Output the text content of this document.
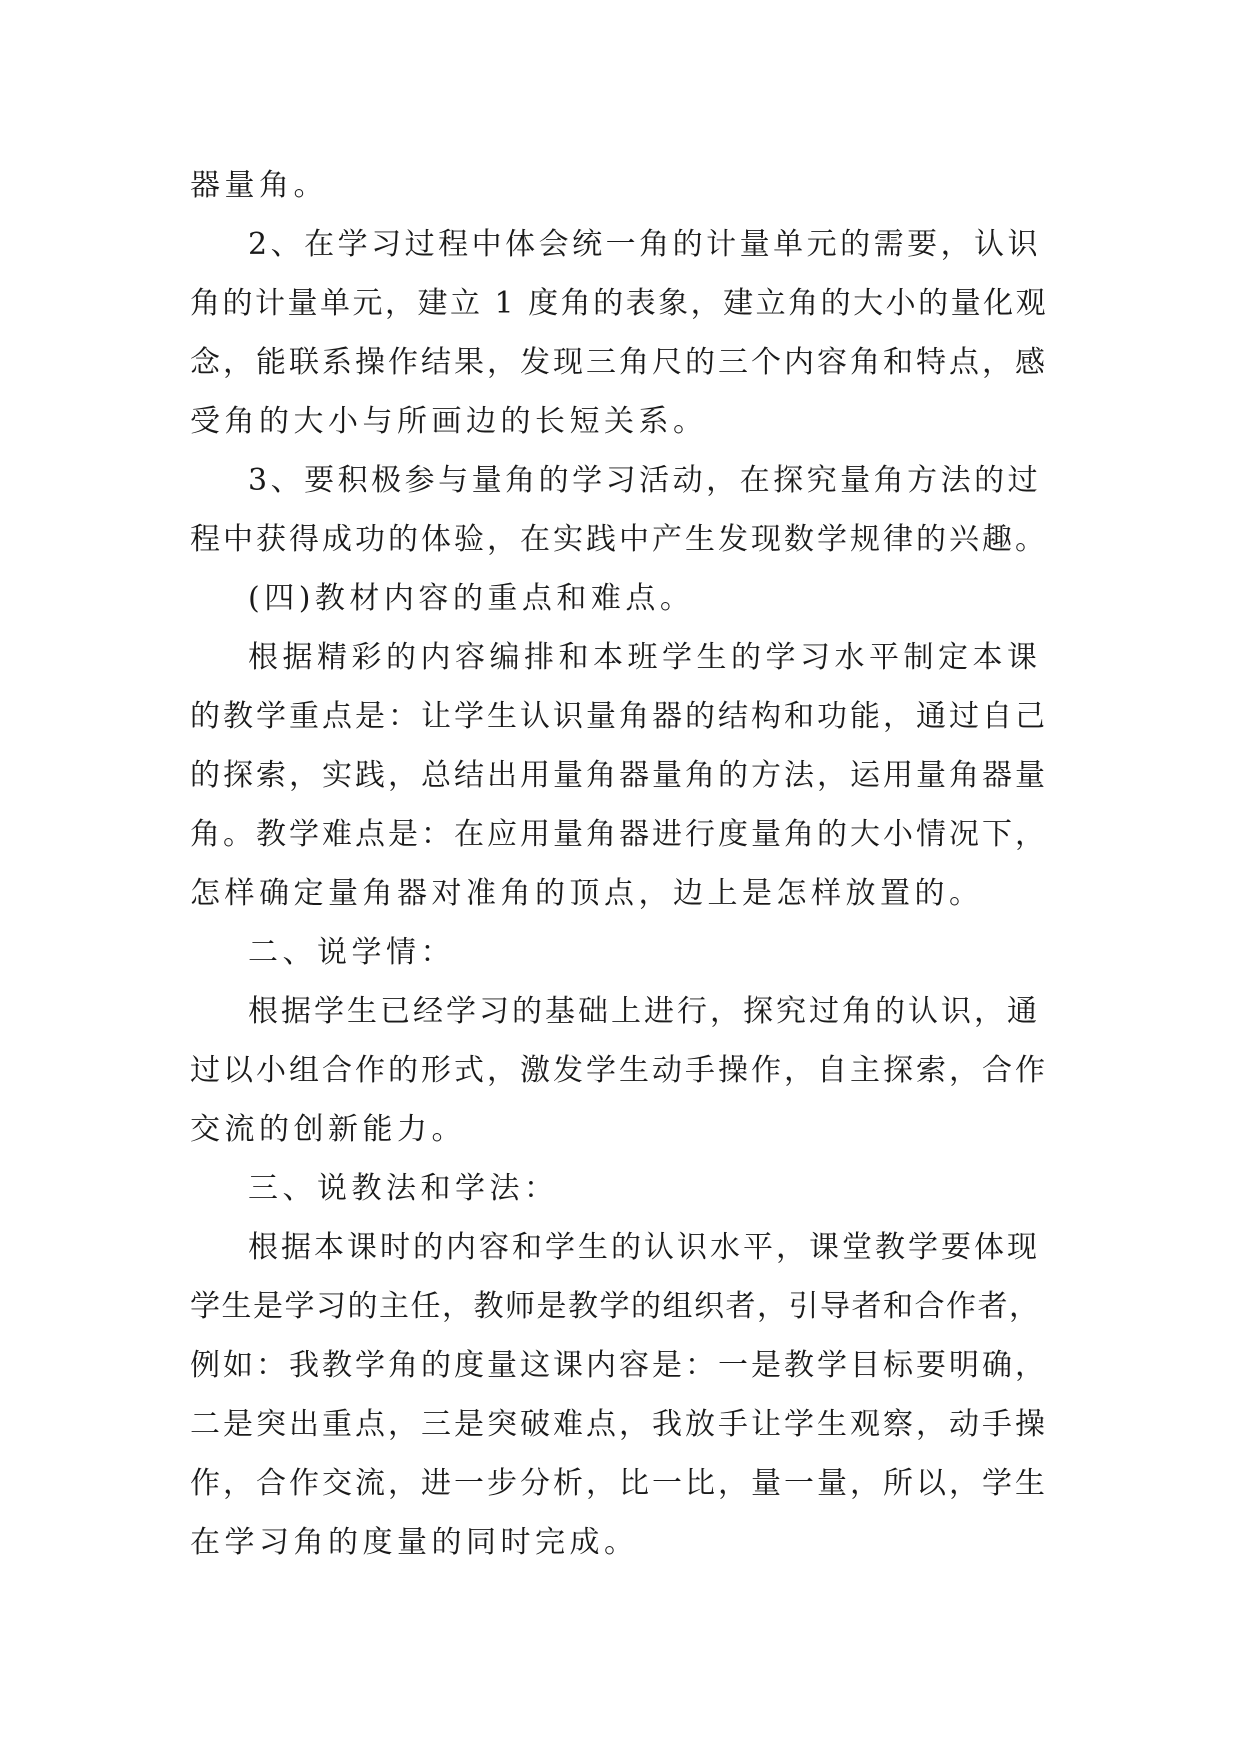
器量角。
2、在学习过程中体会统一角的计量单元的需要，认识
角的计量单元，建立 1 度角的表象，建立角的大小的量化观
念，能联系操作结果，发现三角尺的三个内容角和特点，感
受角的大小与所画边的长短关系。
3、要积极参与量角的学习活动，在探究量角方法的过
程中获得成功的体验，在实践中产生发现数学规律的兴趣。
(四)教材内容的重点和难点。
根据精彩的内容编排和本班学生的学习水平制定本课
的教学重点是：让学生认识量角器的结构和功能，通过自己
的探索，实践，总结出用量角器量角的方法，运用量角器量
角。教学难点是：在应用量角器进行度量角的大小情况下，
怎样确定量角器对准角的顶点，边上是怎样放置的。
二、说学情：
根据学生已经学习的基础上进行，探究过角的认识，通
过以小组合作的形式，激发学生动手操作，自主探索，合作
交流的创新能力。
三、说教法和学法：
根据本课时的内容和学生的认识水平，课堂教学要体现
学生是学习的主任，教师是教学的组织者，引导者和合作者，
例如：我教学角的度量这课内容是：一是教学目标要明确，
二是突出重点，三是突破难点，我放手让学生观察，动手操
作，合作交流，进一步分析，比一比，量一量，所以，学生
在学习角的度量的同时完成。
